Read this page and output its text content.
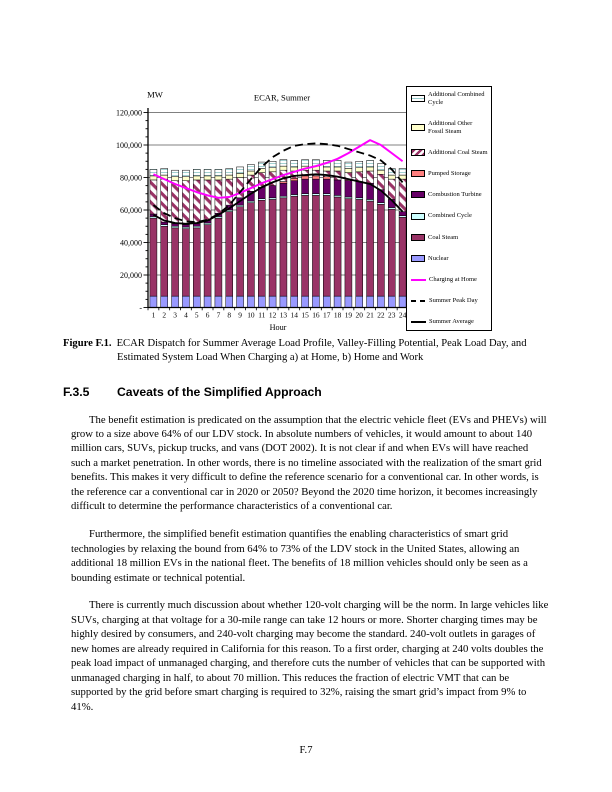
-
20,000
40,000
60,000
80,000
100,000
120,000
1 2 3 4 5 6 7 8 9 10 11 12 13 14 15 16 17 18 19 20 21 22 23 24
Hour
ECAR, Summer
MW	Additional Combined Cycle
Additional Other Fossil Steam
Additional Coal Steam
Pumped Storage
Combustion Turbine
Combined Cycle
Coal Steam
Nuclear
Charging at Home
Summer Peak Day
Summer Average
Figure F.1. ECAR Dispatch for Summer Average Load Profile, Valley-Filling Potential, Peak Load Day, and Estimated System Load When Charging a) at Home, b) Home and Work
F.3.5 Caveats of the Simplified Approach

The benefit estimation is predicated on the assumption that the electric vehicle fleet (EVs and PHEVs) will grow to a size above 64% of our LDV stock. In absolute numbers of vehicles, it would amount to about 140 million cars, SUVs, pickup trucks, and vans (DOT 2002). It is not clear if and when EVs will have reached such a market penetration. In other words, there is no timeline associated with the realization of the smart grid benefits. This makes it very difficult to define the reference scenario for a conventional car. In other words, is the reference car a conventional car in 2020 or 2050? Beyond the 2020 time horizon, it becomes increasingly difficult to determine the performance characteristics of a conventional car.

Furthermore, the simplified benefit estimation quantifies the enabling characteristics of smart grid technologies by relaxing the bound from 64% to 73% of the LDV stock in the United States, allowing an additional 18 million EVs in the national fleet. The benefits of 18 million vehicles should only be seen as a bounding estimate or technical potential.

There is currently much discussion about whether 120-volt charging will be the norm. In large vehicles like SUVs, charging at that voltage for a 30-mile range can take 12 hours or more. Shorter charging times may be highly desired by consumers, and 240-volt charging may become the standard. 240-volt outlets in garages of new homes are already required in California for this reason. To a first order, charging at 240 volts doubles the peak load impact of unmanaged charging, and therefore cuts the number of vehicles that can be supported with unmanaged charging in half, to about 70 million. This reduces the fraction of electric VMT that can be supported by the grid before smart charging is required to 32%, raising the smart grid’s impact from 9% to 41%.

F.7
